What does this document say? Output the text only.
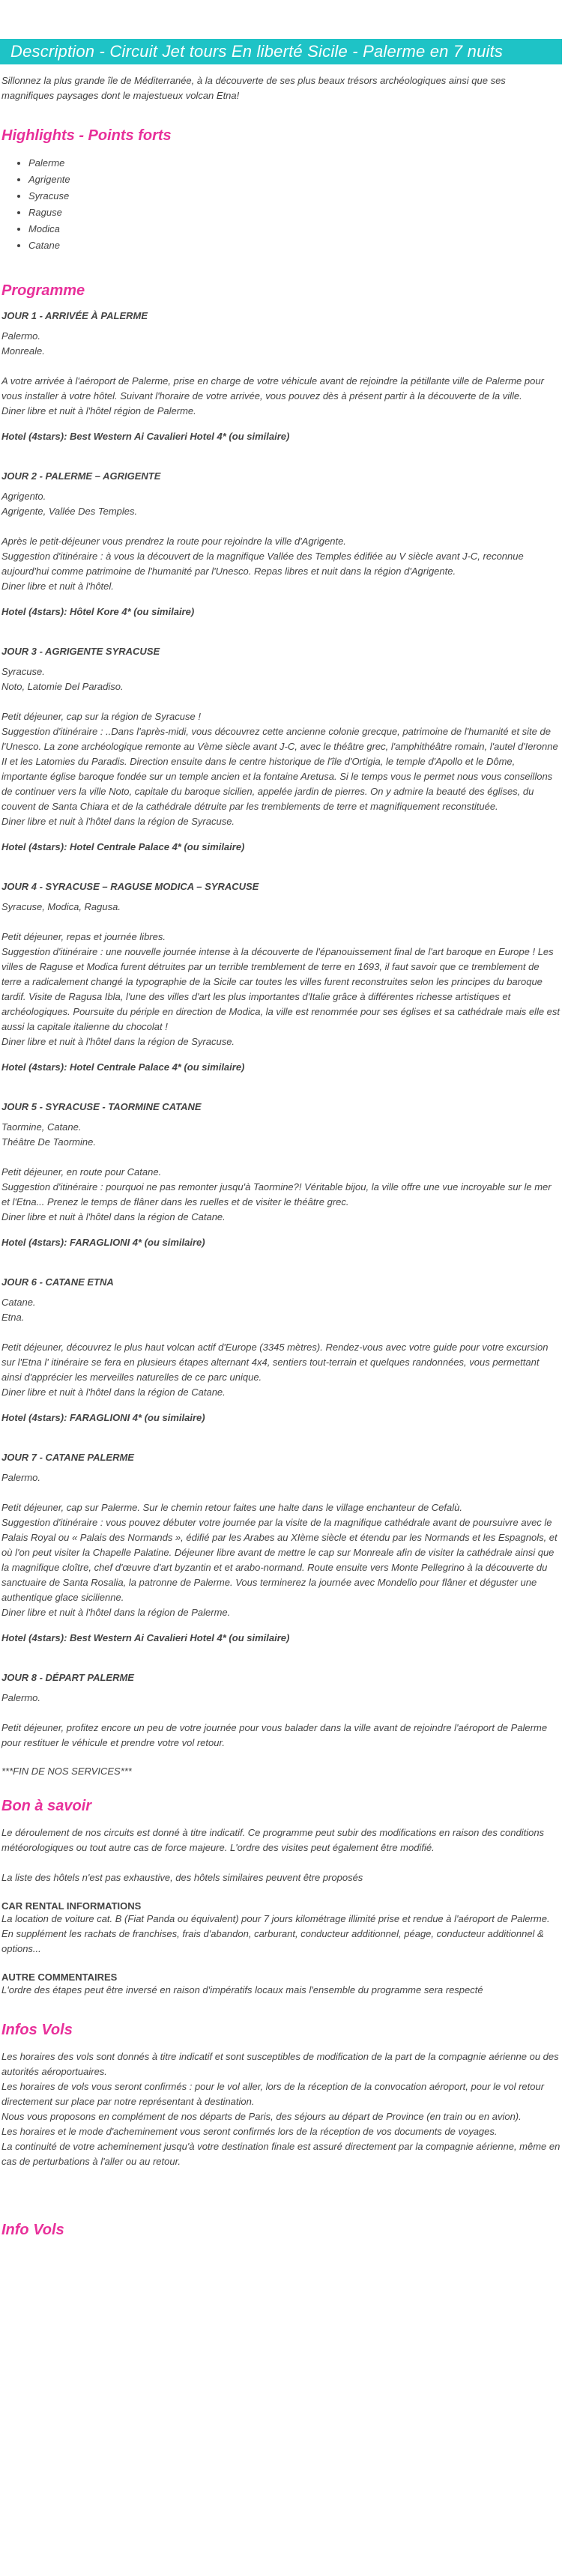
Description - Circuit Jet tours En liberté Sicile - Palerme en 7 nuits

Sillonnez la plus grande île de Méditerranée, à la découverte de ses plus beaux trésors archéologiques ainsi que ses magnifiques paysages dont le majestueux volcan Etna!

Highlights - Points forts
• Palerme
• Agrigente
• Syracuse
• Raguse
• Modica
• Catane
Programme

JOUR 1 - ARRIVÉE À PALERME

Palermo.

Monreale.

A votre arrivée à l'aéroport de Palerme, prise en charge de votre véhicule avant de rejoindre la pétillante ville de Palerme pour vous installer à votre hôtel. Suivant l'horaire de votre arrivée, vous pouvez dès à présent partir à la découverte de la ville.

Diner libre et nuit à l'hôtel région de Palerme.

Hotel (4stars): Best Western Ai Cavalieri Hotel 4* (ou similaire)

JOUR 2 - PALERME – AGRIGENTE

Agrigento.

Agrigente, Vallée Des Temples.

Après le petit-déjeuner vous prendrez la route pour rejoindre la ville d'Agrigente.

Suggestion d'itinéraire : à vous la découvert de la magnifique Vallée des Temples édifiée au V siècle avant J-C, reconnue aujourd'hui comme patrimoine de l'humanité par l'Unesco. Repas libres et nuit dans la région d'Agrigente.

Diner libre et nuit à l'hôtel.

Hotel (4stars): Hôtel Kore 4* (ou similaire)

JOUR 3 - AGRIGENTE SYRACUSE

Syracuse.

Noto, Latomie Del Paradiso.

Petit déjeuner, cap sur la région de Syracuse !

Suggestion d'itinéraire : ..Dans l'après-midi, vous découvrez cette ancienne colonie grecque, patrimoine de l'humanité et site de l'Unesco. La zone archéologique remonte au Vème siècle avant J-C, avec le théâtre grec, l'amphithéâtre romain, l'autel d'Ieronne II et les Latomies du Paradis. Direction ensuite dans le centre historique de l'île d'Ortigia, le temple d'Apollo et le Dôme, importante église baroque fondée sur un temple ancien et la fontaine Aretusa. Si le temps vous le permet nous vous conseillons de continuer vers la ville Noto, capitale du baroque sicilien, appelée jardin de pierres. On y admire la beauté des églises, du couvent de Santa Chiara et de la cathédrale détruite par les tremblements de terre et magnifiquement reconstituée.

Diner libre et nuit à l'hôtel dans la région de Syracuse.

Hotel (4stars): Hotel Centrale Palace 4* (ou similaire)

JOUR 4 - SYRACUSE – RAGUSE MODICA – SYRACUSE

Syracuse, Modica, Ragusa.

Petit déjeuner, repas et journée libres.

Suggestion d'itinéraire : une nouvelle journée intense à la découverte de l'épanouissement final de l'art baroque en Europe ! Les villes de Raguse et Modica furent détruites par un terrible tremblement de terre en 1693, il faut savoir que ce tremblement de terre a radicalement changé la typographie de la Sicile car toutes les villes furent reconstruites selon les principes du baroque tardif. Visite de Ragusa Ibla, l'une des villes d'art les plus importantes d'Italie grâce à différentes richesse artistiques et archéologiques. Poursuite du périple en direction de Modica, la ville est renommée pour ses églises et sa cathédrale mais elle est aussi la capitale italienne du chocolat !

Diner libre et nuit à l'hôtel dans la région de Syracuse.

Hotel (4stars): Hotel Centrale Palace 4* (ou similaire)

JOUR 5 - SYRACUSE - TAORMINE CATANE

Taormine, Catane.

Théâtre De Taormine.

Petit déjeuner, en route pour Catane.

Suggestion d'itinéraire : pourquoi ne pas remonter jusqu'à Taormine?! Véritable bijou, la ville offre une vue incroyable sur le mer et l'Etna... Prenez le temps de flâner dans les ruelles et de visiter le théâtre grec.

Diner libre et nuit à l'hôtel dans la région de Catane.

Hotel (4stars): FARAGLIONI 4* (ou similaire)

JOUR 6 - CATANE ETNA

Catane.

Etna.

Petit déjeuner, découvrez le plus haut volcan actif d'Europe (3345 mètres). Rendez-vous avec votre guide pour votre excursion sur l'Etna l' itinéraire se fera en plusieurs étapes alternant 4x4, sentiers tout-terrain et quelques randonnées, vous permettant ainsi d'apprécier les merveilles naturelles de ce parc unique.

Diner libre et nuit à l'hôtel dans la région de Catane.

Hotel (4stars): FARAGLIONI 4* (ou similaire)

JOUR 7 - CATANE PALERME

Palermo.

Petit déjeuner, cap sur Palerme. Sur le chemin retour faites une halte dans le village enchanteur de Cefalù.

Suggestion d'itinéraire : vous pouvez débuter votre journée par la visite de la magnifique cathédrale avant de poursuivre avec le Palais Royal ou « Palais des Normands », édifié par les Arabes au XIème siècle et étendu par les Normands et les Espagnols, et où l'on peut visiter la Chapelle Palatine. Déjeuner libre avant de mettre le cap sur Monreale afin de visiter la cathédrale ainsi que la magnifique cloître, chef d'œuvre d'art byzantin et et arabo-normand. Route ensuite vers Monte Pellegrino à la découverte du sanctuaire de Santa Rosalia, la patronne de Palerme. Vous terminerez la journée avec Mondello pour flâner et déguster une authentique glace sicilienne.

Diner libre et nuit à l'hôtel dans la région de Palerme.

Hotel (4stars): Best Western Ai Cavalieri Hotel 4* (ou similaire)

JOUR 8 - DÉPART PALERME

Palermo.

Petit déjeuner, profitez encore un peu de votre journée pour vous balader dans la ville avant de rejoindre l'aéroport de Palerme pour restituer le véhicule et prendre votre vol retour.

***FIN DE NOS SERVICES***

Bon à savoir

Le déroulement de nos circuits est donné à titre indicatif. Ce programme peut subir des modifications en raison des conditions météorologiques ou tout autre cas de force majeure. L'ordre des visites peut également être modifié.

La liste des hôtels n'est pas exhaustive, des hôtels similaires peuvent être proposés

CAR RENTAL INFORMATIONS

La location de voiture cat. B (Fiat Panda ou équivalent) pour 7 jours kilométrage illimité prise et rendue à l'aéroport de Palerme.

En supplément les rachats de franchises, frais d'abandon, carburant, conducteur additionnel, péage, conducteur additionnel & options...

AUTRE COMMENTAIRES

L'ordre des étapes peut être inversé en raison d'impératifs locaux mais l'ensemble du programme sera respecté

Infos Vols

Les horaires des vols sont donnés à titre indicatif et sont susceptibles de modification de la part de la compagnie aérienne ou des autorités aéroportuaires.

Les horaires de vols vous seront confirmés : pour le vol aller, lors de la réception de la convocation aéroport, pour le vol retour directement sur place par notre représentant à destination.

Nous vous proposons en complément de nos départs de Paris, des séjours au départ de Province (en train ou en avion).

Les horaires et le mode d'acheminement vous seront confirmés lors de la réception de vos documents de voyages.

La continuité de votre acheminement jusqu'à votre destination finale est assuré directement par la compagnie aérienne, même en cas de perturbations à l'aller ou au retour.

Info Vols
